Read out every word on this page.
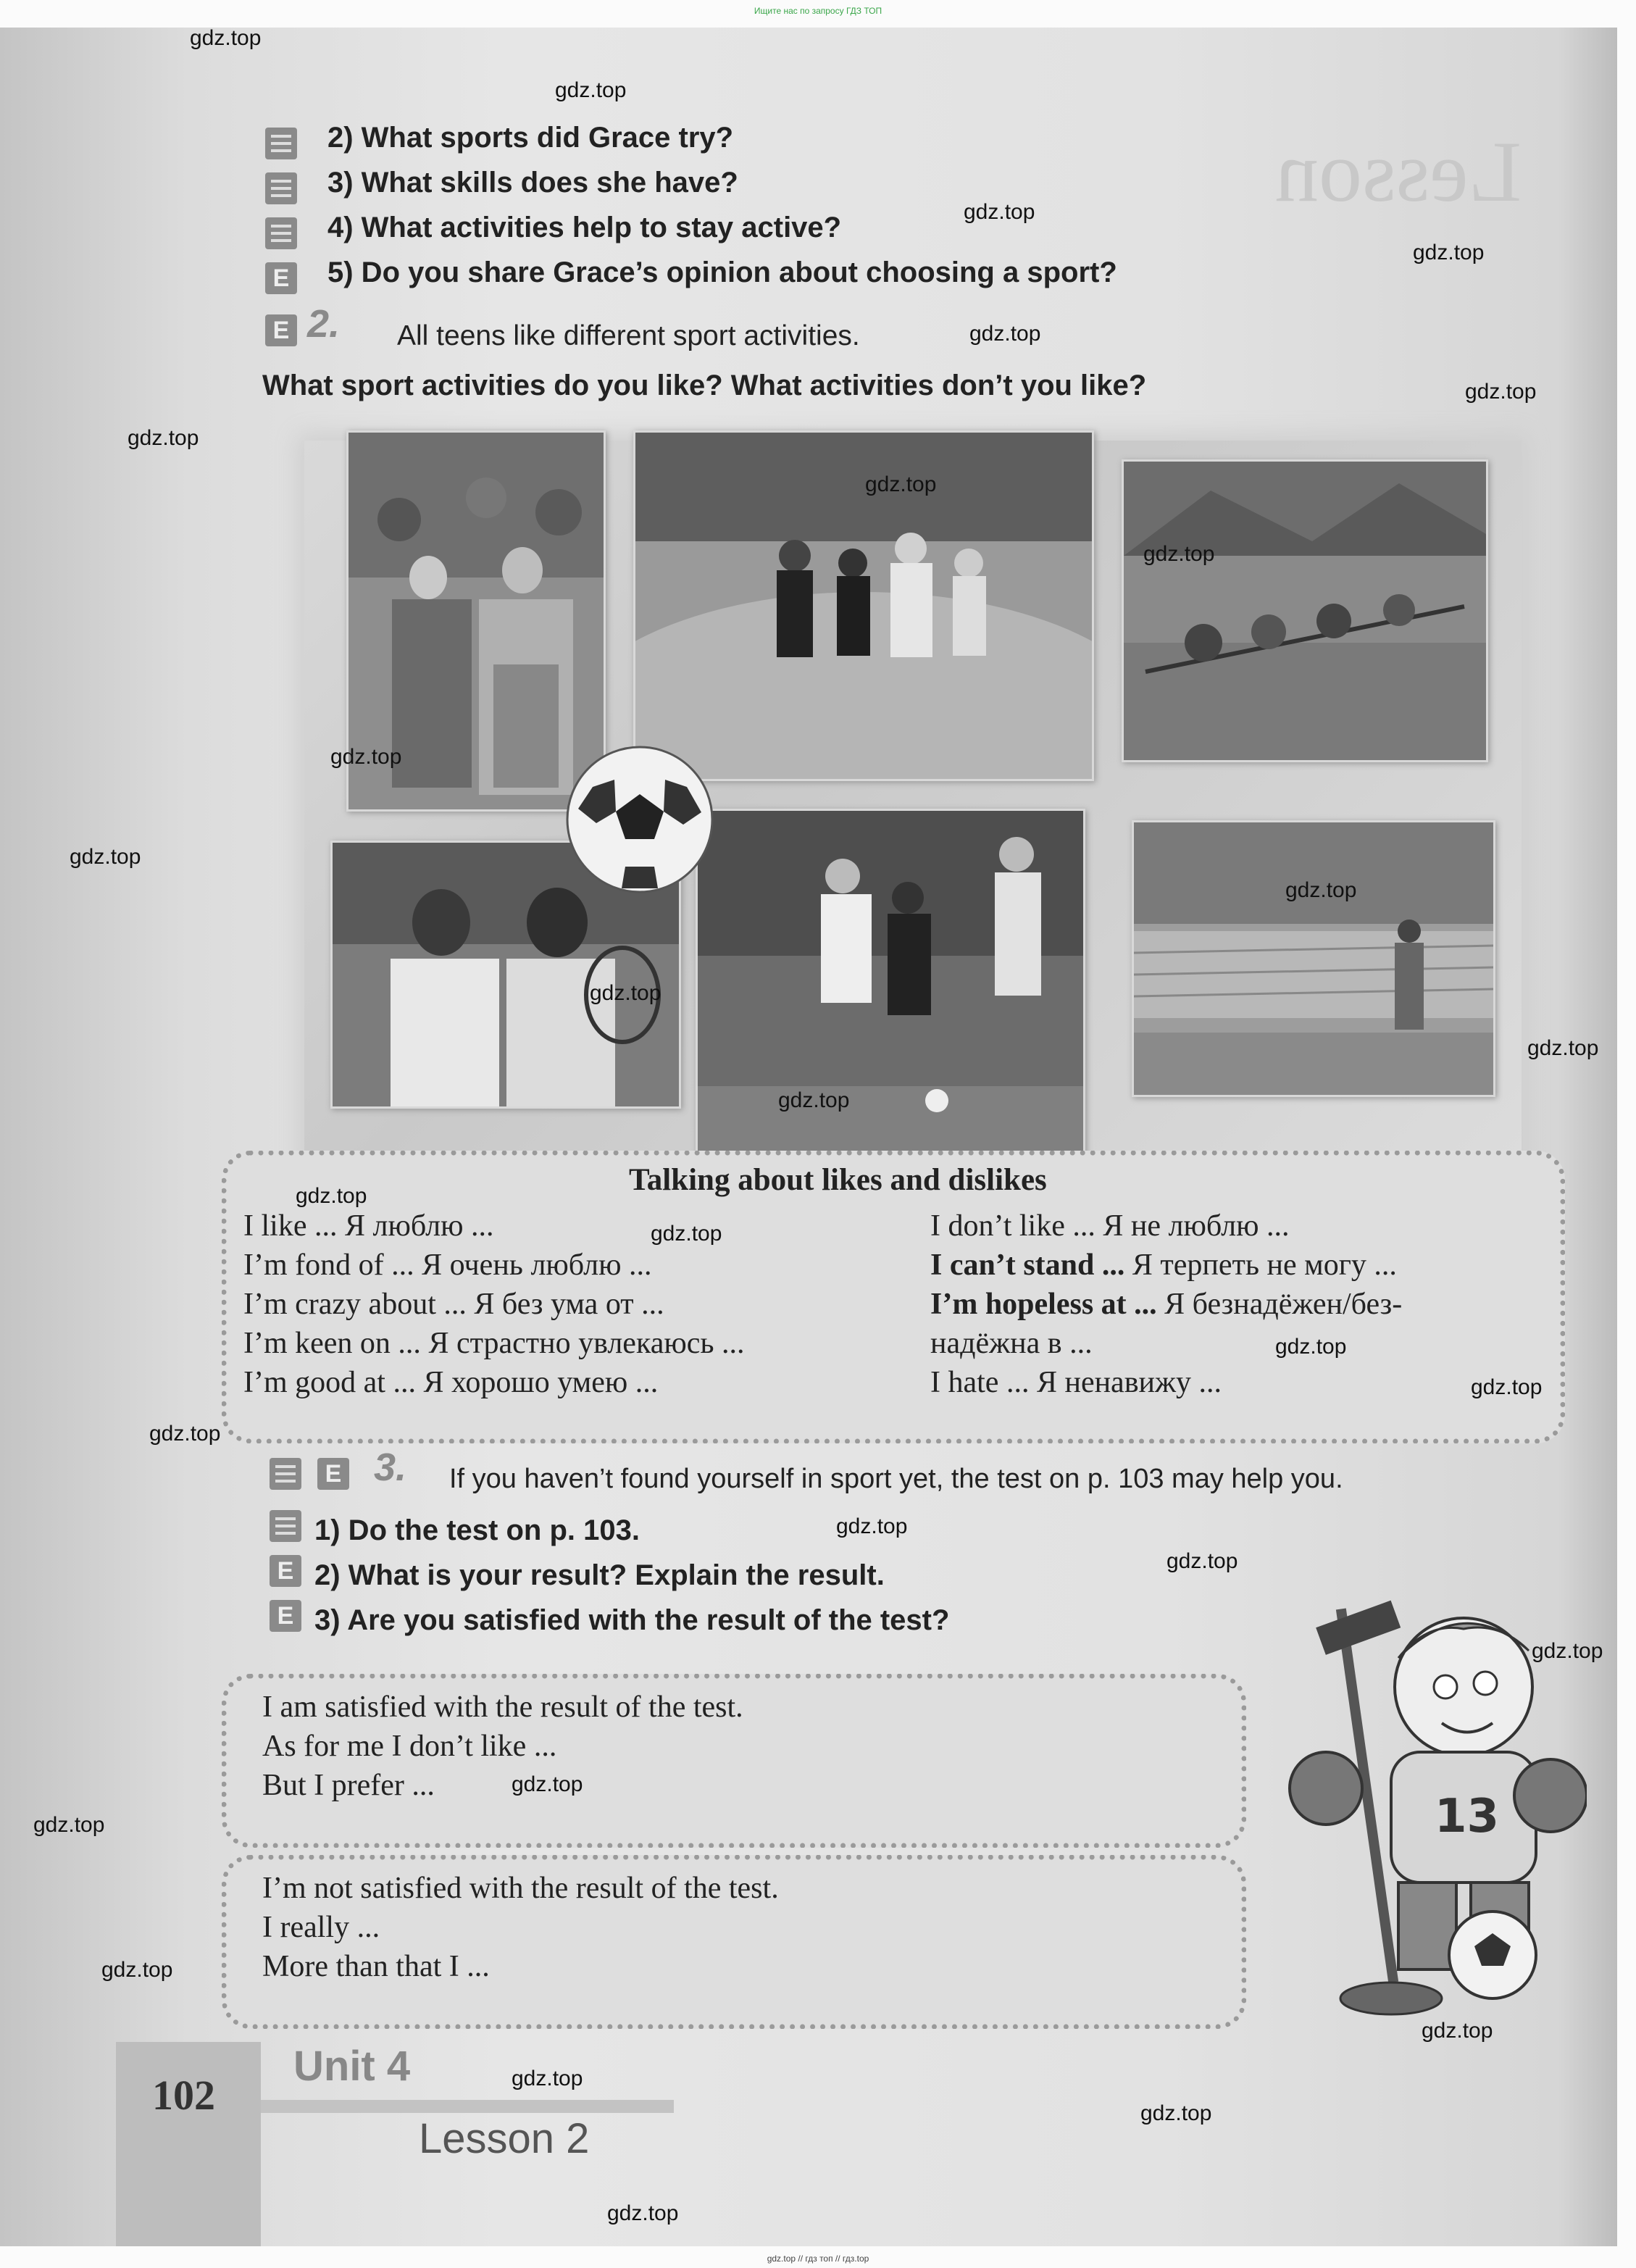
Ищите нас по запросу ГДЗ ТОП
Lesson
2) What sports did Grace try?
3) What skills does she have?
4) What activities help to stay active?
E 5) Do you share Grace’s opinion about choosing a sport?
E 2. All teens like different sport activities.
What sport activities do you like? What activities don’t you like?
Talking about likes and dislikes
I like ... Я люблю ...
I’m fond of ... Я очень люблю ...
I’m crazy about ... Я без ума от ...
I’m keen on ... Я страстно увлекаюсь ...
I’m good at ... Я хорошо умею ...
I don’t like ... Я не люблю ...
I can’t stand ... Я терпеть не могу ...
I’m hopeless at ... Я безнадёжен/без-
надёжна в ...
I hate ... Я ненавижу ...
E 3. If you haven’t found yourself in sport yet, the test on p. 103 may help you.
1) Do the test on p. 103.
E 2) What is your result? Explain the result.
E 3) Are you satisfied with the result of the test?
I am satisfied with the result of the test.
As for me I don’t like ...
But I prefer ...
I’m not satisfied with the result of the test.
I really ...
More than that I ...
13
102
Unit 4
Lesson 2
gdz.top
gdz.top
gdz.top
gdz.top
gdz.top
gdz.top
gdz.top
gdz.top
gdz.top
gdz.top
gdz.top
gdz.top
gdz.top
gdz.top
gdz.top
gdz.top
gdz.top
gdz.top
gdz.top
gdz.top
gdz.top
gdz.top
gdz.top
gdz.top
gdz.top
gdz.top
gdz.top
gdz.top
gdz.top
gdz.top
gdz.top // гдз топ // гдз.top
